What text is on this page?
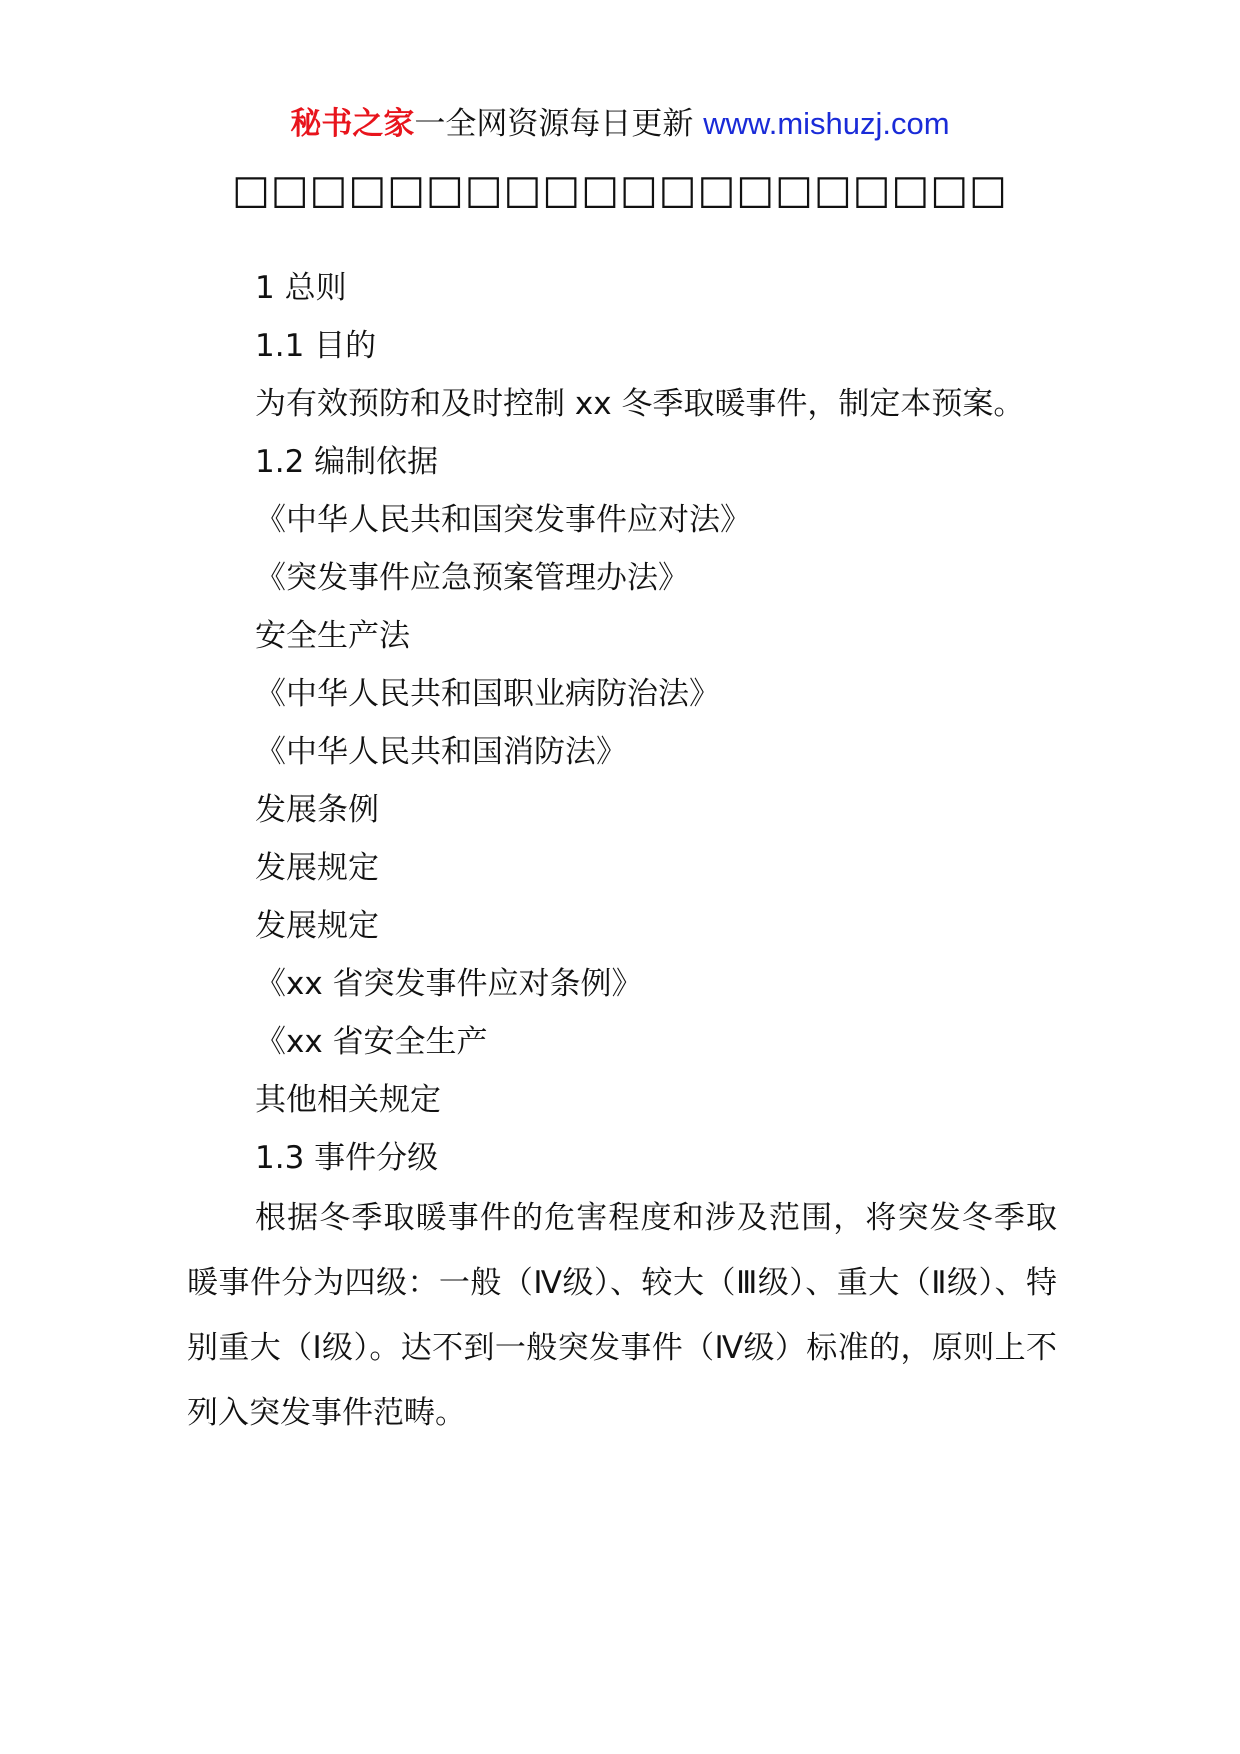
秘书之家一全网资源每日更新 www.mishuzj.com
□□□□□□□□□□□□□□□□□□□□
1 总则
1.1 目的
为有效预防和及时控制 xx 冬季取暖事件，制定本预案。
1.2 编制依据
《中华人民共和国突发事件应对法》
《突发事件应急预案管理办法》
安全生产法
《中华人民共和国职业病防治法》
《中华人民共和国消防法》
发展条例
发展规定
发展规定
《xx 省突发事件应对条例》
《xx 省安全生产
其他相关规定
1.3 事件分级
根据冬季取暖事件的危害程度和涉及范围，将突发冬季取暖事件分为四级：一般（Ⅳ级）、较大（Ⅲ级）、重大（Ⅱ级）、特别重大（Ⅰ级）。达不到一般突发事件（Ⅳ级）标准的，原则上不列入突发事件范畴。
